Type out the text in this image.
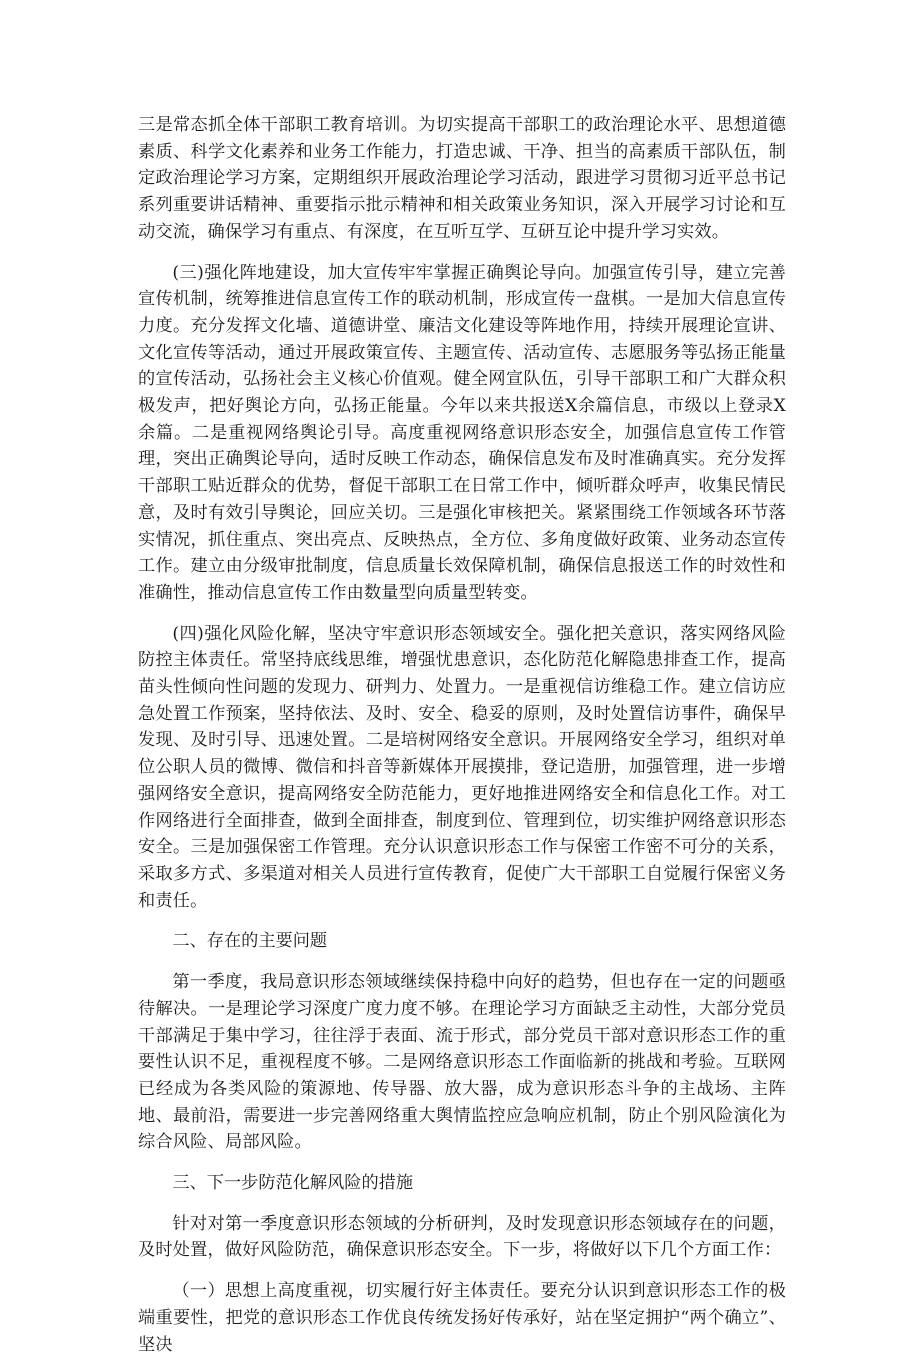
三是常态抓全体干部职工教育培训。为切实提高干部职工的政治理论水平、思想道德素质、科学文化素养和业务工作能力，打造忠诚、干净、担当的高素质干部队伍，制定政治理论学习方案，定期组织开展政治理论学习活动，跟进学习贯彻习近平总书记系列重要讲话精神、重要指示批示精神和相关政策业务知识，深入开展学习讨论和互动交流，确保学习有重点、有深度，在互听互学、互研互论中提升学习实效。

(三)强化阵地建设，加大宣传牢牢掌握正确舆论导向。加强宣传引导，建立完善宣传机制，统筹推进信息宣传工作的联动机制，形成宣传一盘棋。一是加大信息宣传力度。充分发挥文化墙、道德讲堂、廉洁文化建设等阵地作用，持续开展理论宣讲、文化宣传等活动，通过开展政策宣传、主题宣传、活动宣传、志愿服务等弘扬正能量的宣传活动，弘扬社会主义核心价值观。健全网宣队伍，引导干部职工和广大群众积极发声，把好舆论方向，弘扬正能量。今年以来共报送X余篇信息，市级以上登录X余篇。二是重视网络舆论引导。高度重视网络意识形态安全，加强信息宣传工作管理，突出正确舆论导向，适时反映工作动态，确保信息发布及时准确真实。充分发挥干部职工贴近群众的优势，督促干部职工在日常工作中，倾听群众呼声，收集民情民意，及时有效引导舆论，回应关切。三是强化审核把关。紧紧围绕工作领域各环节落实情况，抓住重点、突出亮点、反映热点，全方位、多角度做好政策、业务动态宣传工作。建立由分级审批制度，信息质量长效保障机制，确保信息报送工作的时效性和准确性，推动信息宣传工作由数量型向质量型转变。

(四)强化风险化解，坚决守牢意识形态领域安全。强化把关意识，落实网络风险防控主体责任。常坚持底线思维，增强忧患意识，态化防范化解隐患排查工作，提高苗头性倾向性问题的发现力、研判力、处置力。一是重视信访维稳工作。建立信访应急处置工作预案，坚持依法、及时、安全、稳妥的原则，及时处置信访事件，确保早发现、及时引导、迅速处置。二是培树网络安全意识。开展网络安全学习，组织对单位公职人员的微博、微信和抖音等新媒体开展摸排，登记造册，加强管理，进一步增强网络安全意识，提高网络安全防范能力，更好地推进网络安全和信息化工作。对工作网络进行全面排查，做到全面排查，制度到位、管理到位，切实维护网络意识形态安全。三是加强保密工作管理。充分认识意识形态工作与保密工作密不可分的关系，采取多方式、多渠道对相关人员进行宣传教育，促使广大干部职工自觉履行保密义务和责任。

二、存在的主要问题

第一季度，我局意识形态领域继续保持稳中向好的趋势，但也存在一定的问题亟待解决。一是理论学习深度广度力度不够。在理论学习方面缺乏主动性，大部分党员干部满足于集中学习，往往浮于表面、流于形式，部分党员干部对意识形态工作的重要性认识不足，重视程度不够。二是网络意识形态工作面临新的挑战和考验。互联网已经成为各类风险的策源地、传导器、放大器，成为意识形态斗争的主战场、主阵地、最前沿，需要进一步完善网络重大舆情监控应急响应机制，防止个别风险演化为综合风险、局部风险。

三、下一步防范化解风险的措施

针对对第一季度意识形态领域的分析研判，及时发现意识形态领域存在的问题，及时处置，做好风险防范，确保意识形态安全。下一步，将做好以下几个方面工作：

（一）思想上高度重视，切实履行好主体责任。要充分认识到意识形态工作的极端重要性，把党的意识形态工作优良传统发扬好传承好，站在坚定拥护“两个确立”、坚决
